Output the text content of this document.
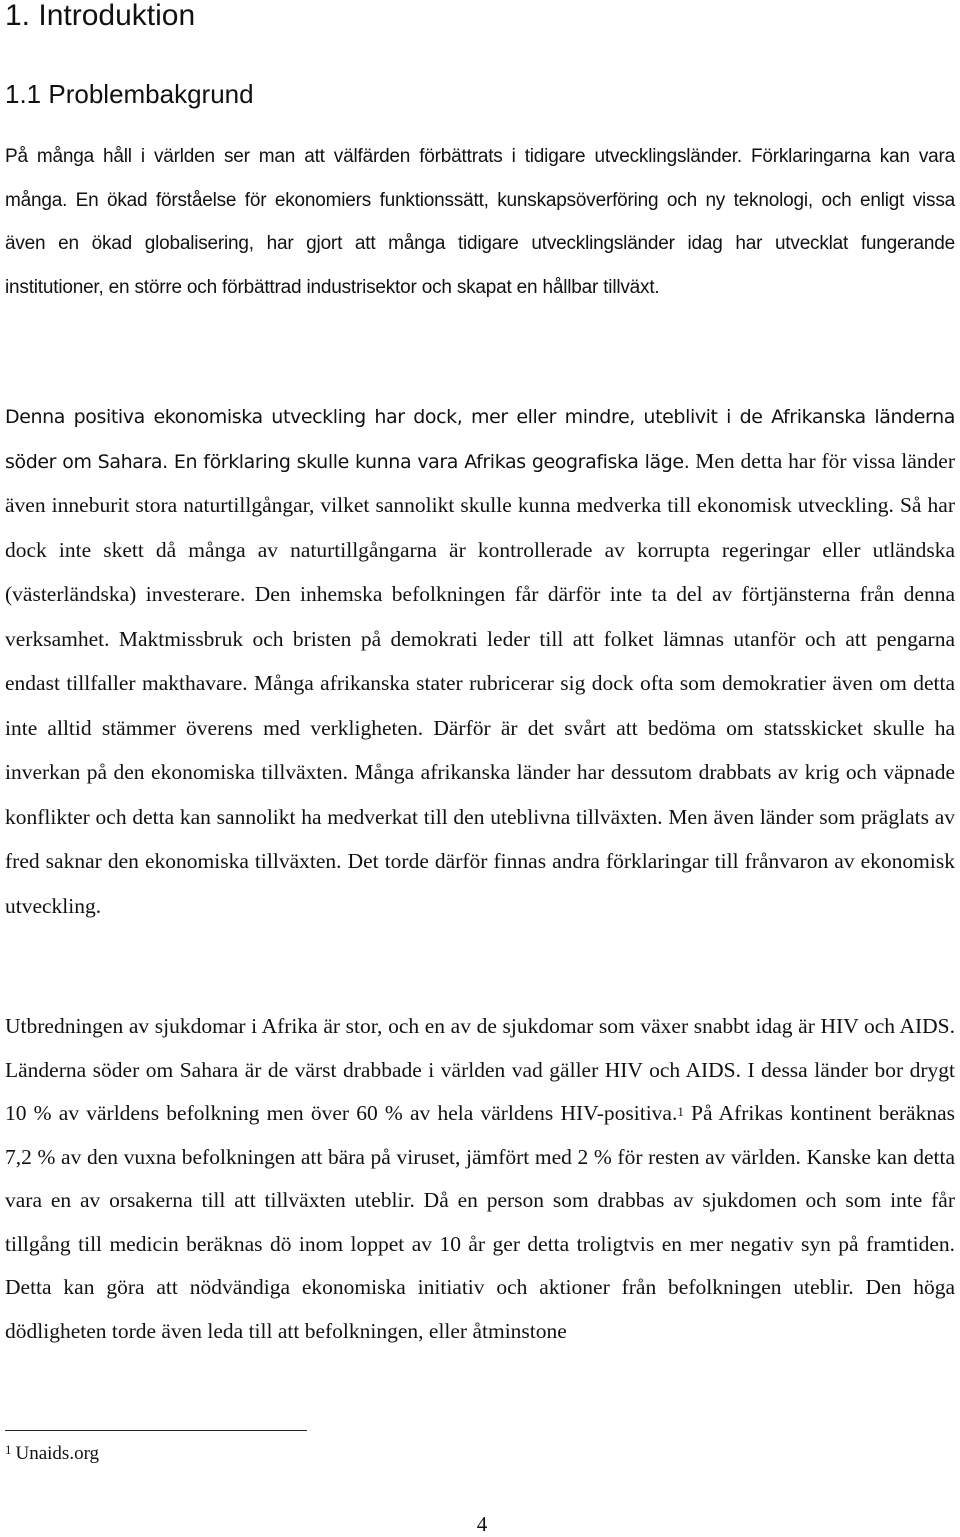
1. Introduktion
1.1 Problembakgrund

På många håll i världen ser man att välfärden förbättrats i tidigare utvecklingsländer. Förklaringarna kan vara många. En ökad förståelse för ekonomiers funktionssätt, kunskapsöverföring och ny teknologi, och enligt vissa även en ökad globalisering, har gjort att många tidigare utvecklingsländer idag har utvecklat fungerande institutioner, en större och förbättrad industrisektor och skapat en hållbar tillväxt.

Denna positiva ekonomiska utveckling har dock, mer eller mindre, uteblivit i de Afrikanska länderna söder om Sahara. En förklaring skulle kunna vara Afrikas geografiska läge. Men detta har för vissa länder även inneburit stora naturtillgångar, vilket sannolikt skulle kunna medverka till ekonomisk utveckling. Så har dock inte skett då många av naturtillgångarna är kontrollerade av korrupta regeringar eller utländska (västerländska) investerare. Den inhemska befolkningen får därför inte ta del av förtjänsterna från denna verksamhet. Maktmissbruk och bristen på demokrati leder till att folket lämnas utanför och att pengarna endast tillfaller makthavare. Många afrikanska stater rubricerar sig dock ofta som demokratier även om detta inte alltid stämmer överens med verkligheten. Därför är det svårt att bedöma om statsskicket skulle ha inverkan på den ekonomiska tillväxten. Många afrikanska länder har dessutom drabbats av krig och väpnade konflikter och detta kan sannolikt ha medverkat till den uteblivna tillväxten. Men även länder som präglats av fred saknar den ekonomiska tillväxten. Det torde därför finnas andra förklaringar till frånvaron av ekonomisk utveckling.

Utbredningen av sjukdomar i Afrika är stor, och en av de sjukdomar som växer snabbt idag är HIV och AIDS. Länderna söder om Sahara är de värst drabbade i världen vad gäller HIV och AIDS. I dessa länder bor drygt 10 % av världens befolkning men över 60 % av hela världens HIV-positiva.$^1$ På Afrikas kontinent beräknas 7,2 % av den vuxna befolkningen att bära på viruset, jämfört med 2 % för resten av världen. Kanske kan detta vara en av orsakerna till att tillväxten uteblir. Då en person som drabbas av sjukdomen och som inte får tillgång till medicin beräknas dö inom loppet av 10 år ger detta troligtvis en mer negativ syn på framtiden. Detta kan göra att nödvändiga ekonomiska initiativ och aktioner från befolkningen uteblir. Den höga dödligheten torde även leda till att befolkningen, eller åtminstone

$^1$ Unaids.org

4
